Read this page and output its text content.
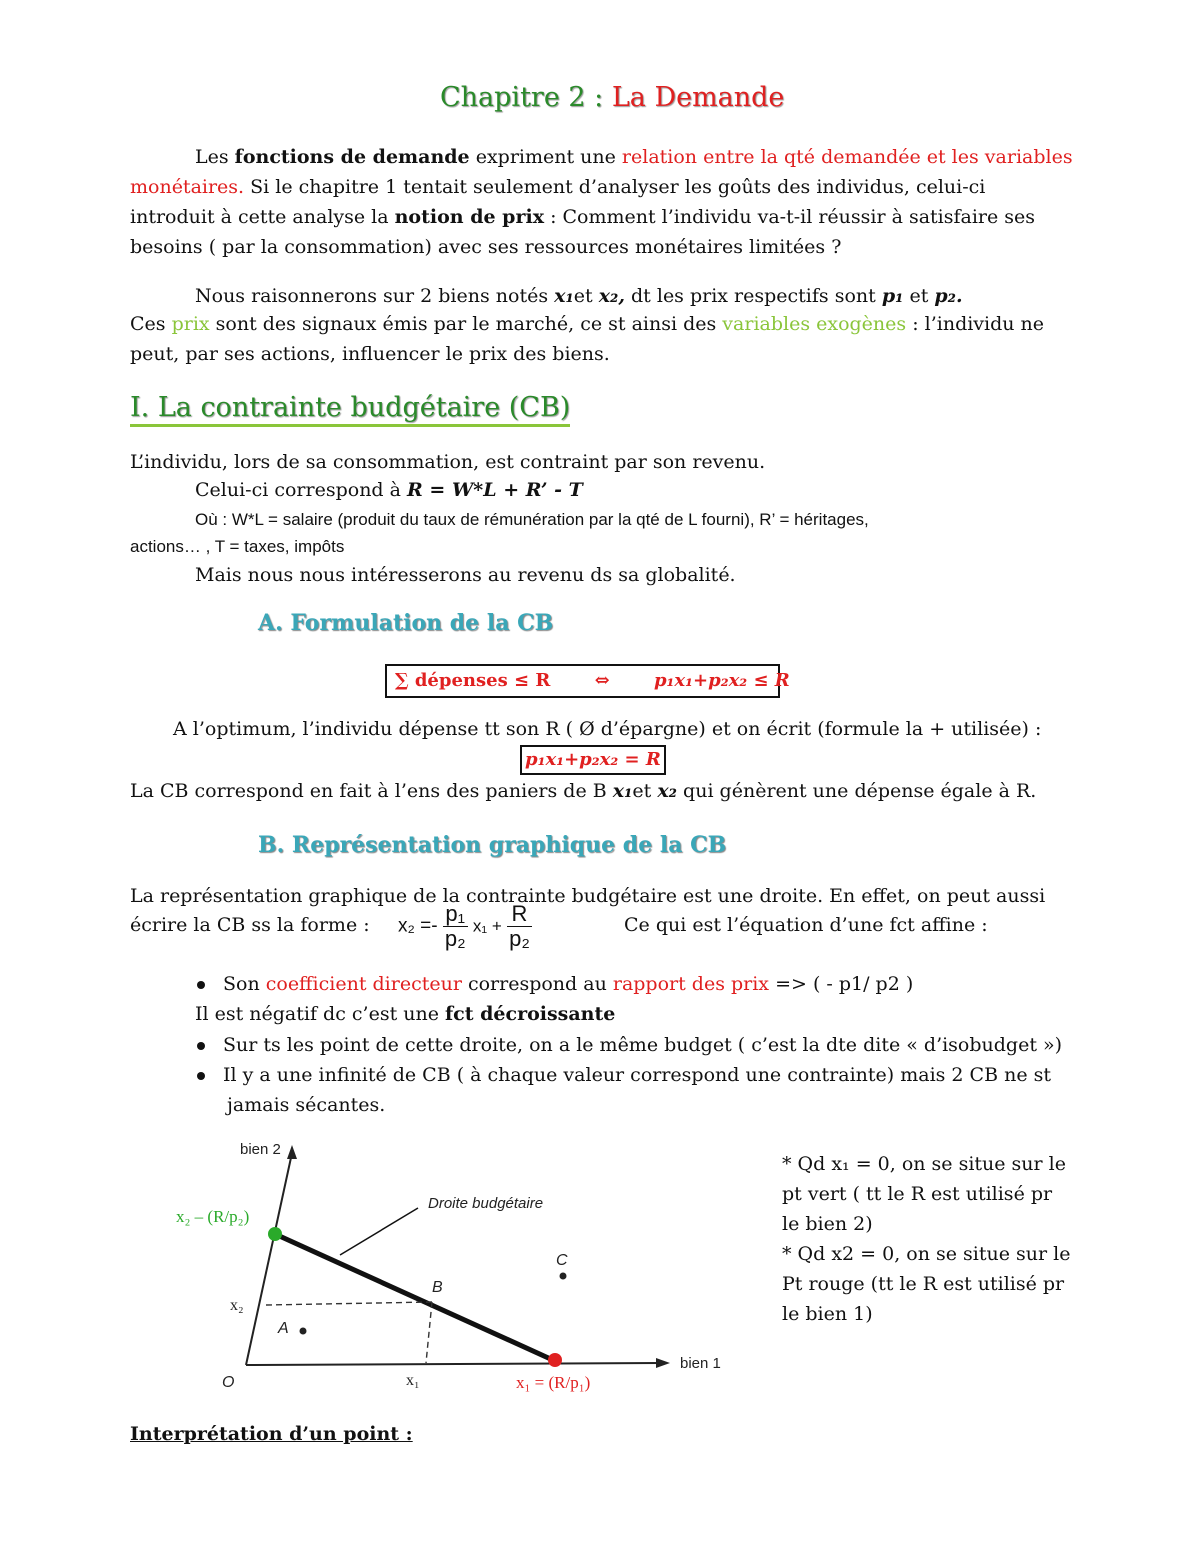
Chapitre 2 : La Demande
Les fonctions de demande expriment une relation entre la qté demandée et les variables
monétaires. Si le chapitre 1 tentait seulement d’analyser les goûts des individus, celui-ci
introduit à cette analyse la notion de prix : Comment l’individu va-t-il réussir à satisfaire ses
besoins ( par la consommation) avec ses ressources monétaires limitées ?
Nous raisonnerons sur 2 biens notés x₁et x₂, dt les prix respectifs sont p₁ et p₂.
Ces prix sont des signaux émis par le marché, ce st ainsi des variables exogènes : l’individu ne
peut, par ses actions, influencer le prix des biens.
I. La contrainte budgétaire (CB)
L’individu, lors de sa consommation, est contraint par son revenu.
Celui-ci correspond à R = W*L + R’ - T
Où : W*L = salaire (produit du taux de rémunération par la qté de L fourni), R’ = héritages,
actions… , T = taxes, impôts
Mais nous nous intéresserons au revenu ds sa globalité.
A. Formulation de la CB
∑ dépenses ≤ R ⇔ p₁x₁+p₂x₂ ≤ R
A l’optimum, l’individu dépense tt son R ( Ø d’épargne) et on écrit (formule la + utilisée) :
p₁x₁+p₂x₂ = R
La CB correspond en fait à l’ens des paniers de B x₁et x₂ qui génèrent une dépense égale à R.
B. Représentation graphique de la CB
La représentation graphique de la contrainte budgétaire est une droite. En effet, on peut aussi
écrire la CB ss la forme : $x_2 =- \frac{\text{p₁}}{\text{p₂}} x_1 + \frac{R}{\text{p₂}}$	Ce qui est l’équation d’une fct affine :
Son coefficient directeur correspond au rapport des prix => ( - p1/ p2 )
Il est négatif dc c’est une fct décroissante
Sur ts les point de cette droite, on a le même budget ( c’est la dte dite « d’isobudget »)
Il y a une infinité de CB ( à chaque valeur correspond une contrainte) mais 2 CB ne st
jamais sécantes.
bien 2
bien 1
x₂ – (R/p₂)
x₁ = (R/p₁)
Droite budgétaire
x₂
x₁
O
A
B
C
* Qd x₁ = 0, on se situe sur le
pt vert ( tt le R est utilisé pr
le bien 2)
* Qd x2 = 0, on se situe sur le
Pt rouge (tt le R est utilisé pr
le bien 1)
Interprétation d’un point :
